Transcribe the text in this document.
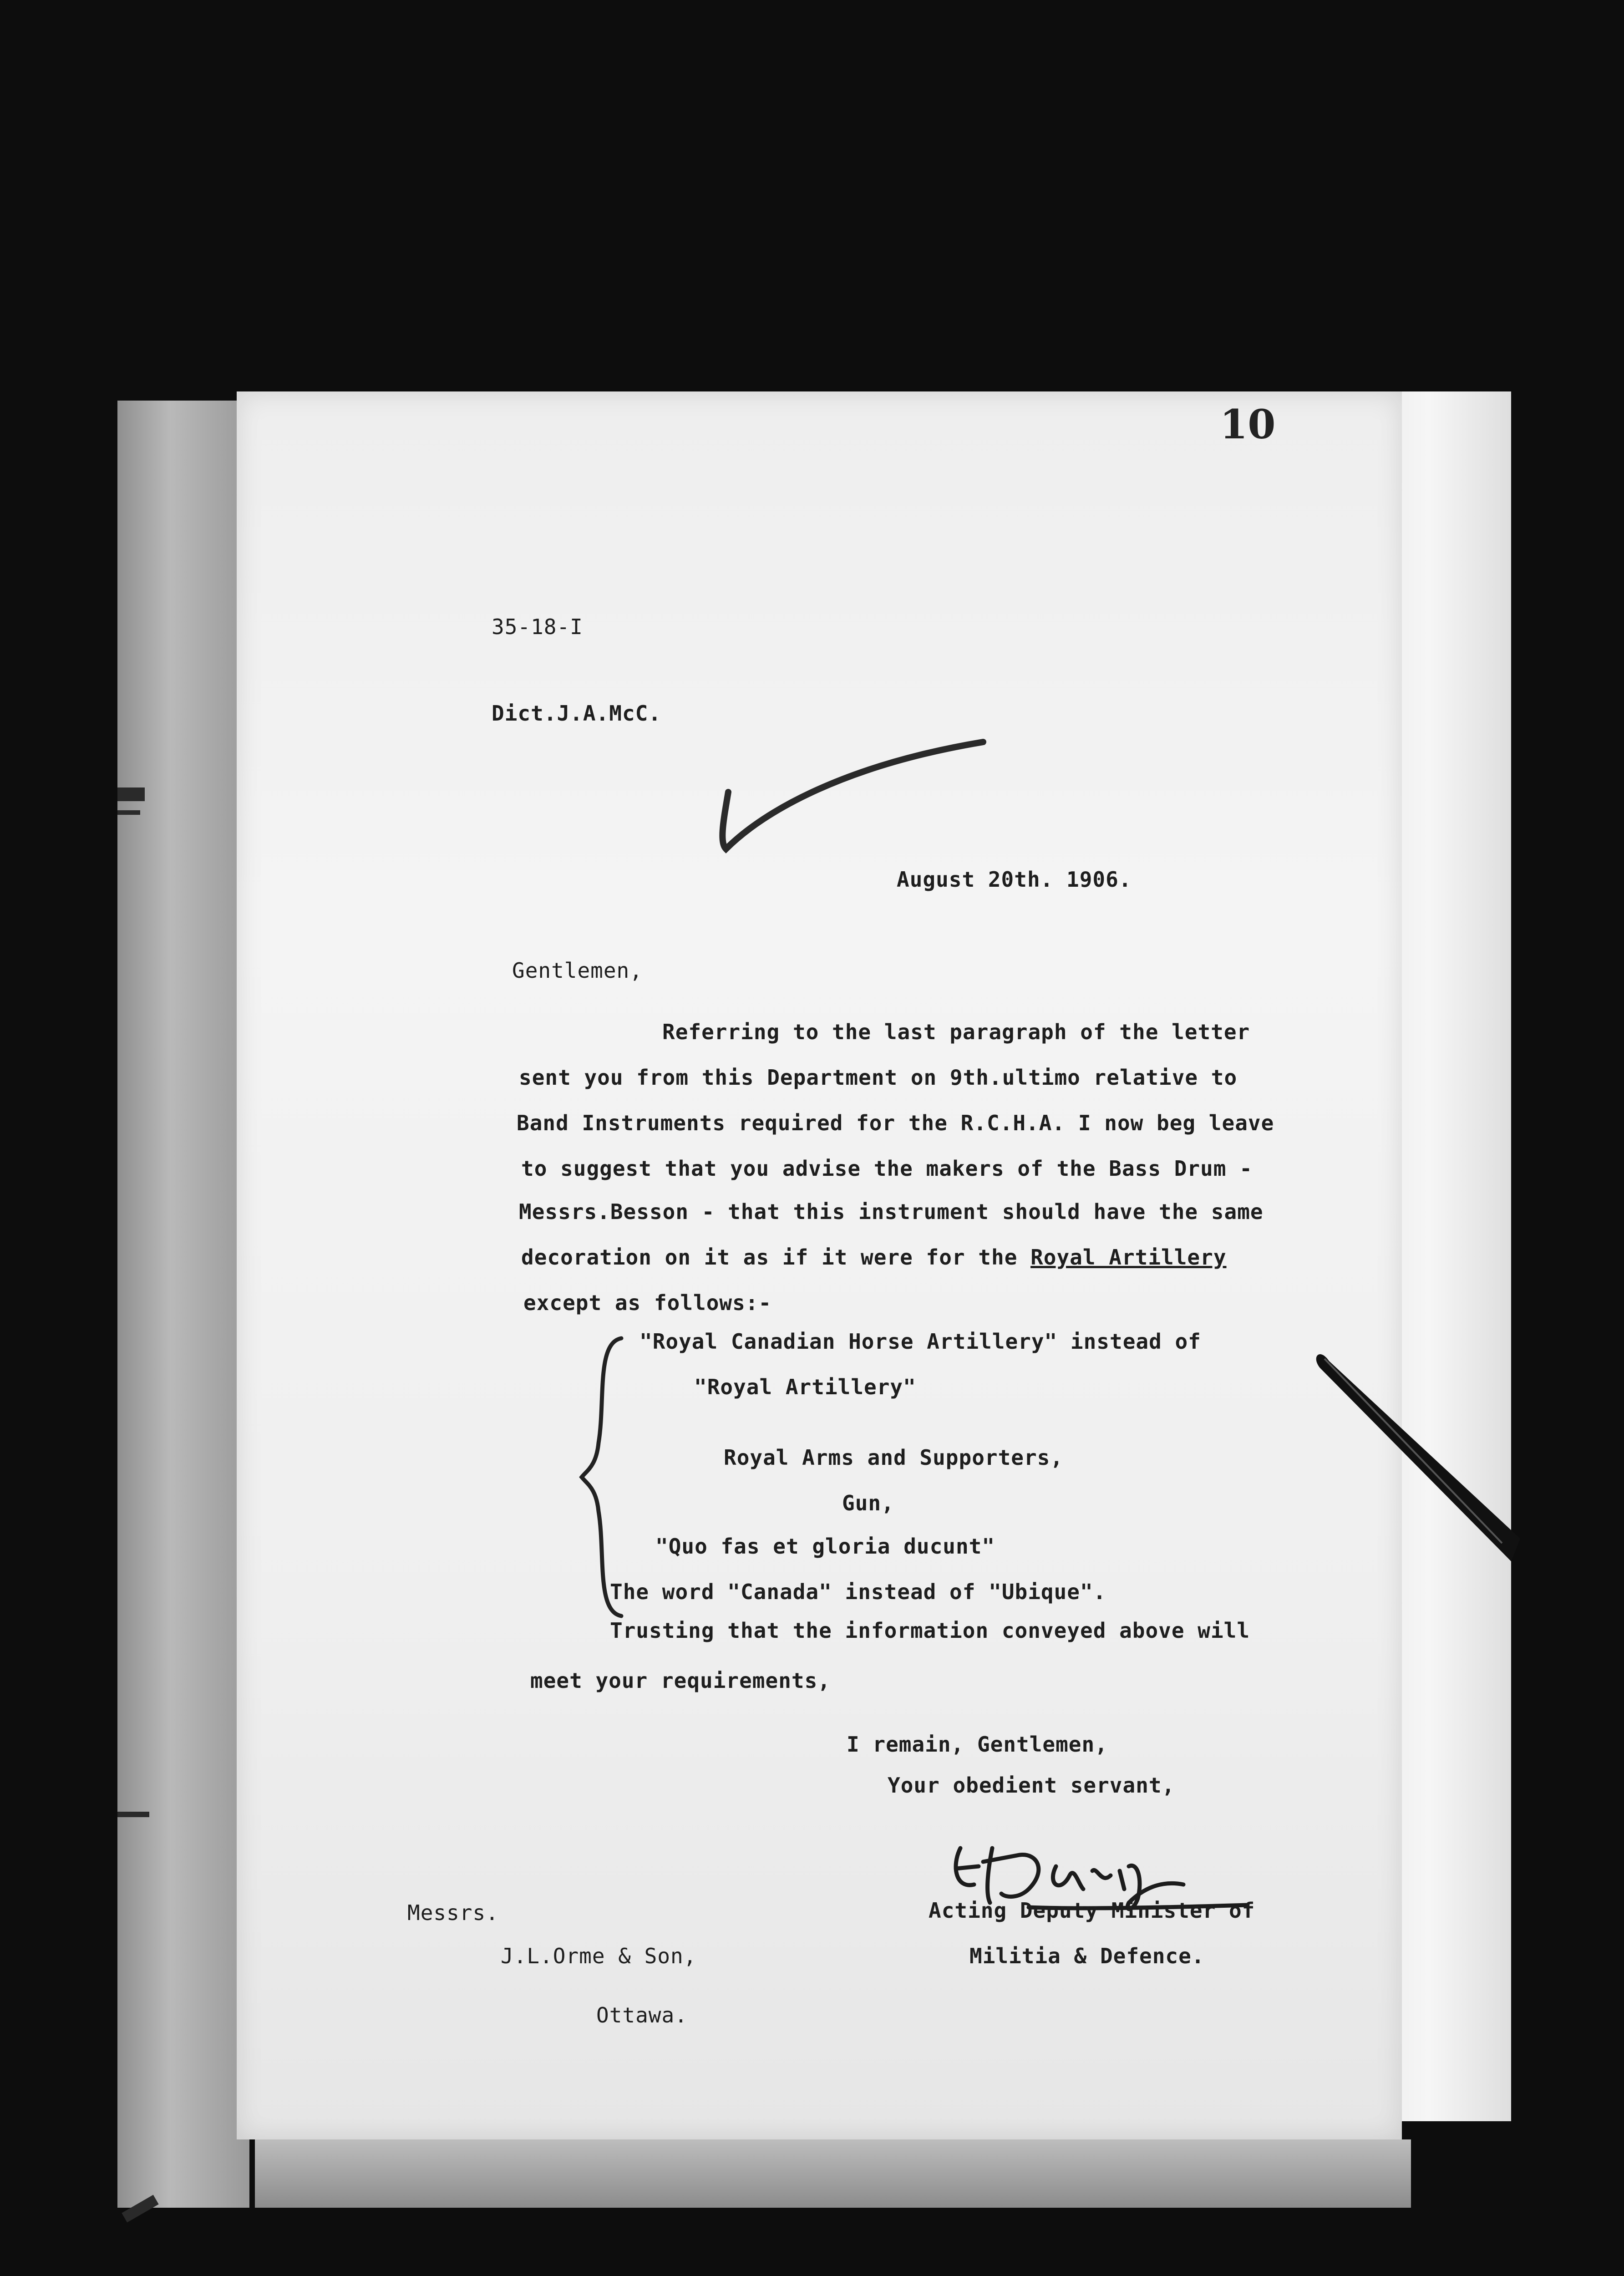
10
35-18-I
Dict.J.A.McC.
August 20th. 1906.
Gentlemen,
Referring to the last paragraph of the letter
sent you from this Department on 9th.ultimo relative to
Band Instruments required for the R.C.H.A. I now beg leave
to suggest that you advise the makers of the Bass Drum -
Messrs.Besson - that this instrument should have the same
decoration on it as if it were for the Royal Artillery
except as follows:-
"Royal Canadian Horse Artillery" instead of
"Royal Artillery"
Royal Arms and Supporters,
Gun,
"Quo fas et gloria ducunt"
The word "Canada" instead of "Ubique".
Trusting that the information conveyed above will
meet your requirements,
I remain, Gentlemen,
Your obedient servant,
Acting Deputy Minister of
Militia & Defence.
Messrs.
J.L.Orme & Son,
Ottawa.
